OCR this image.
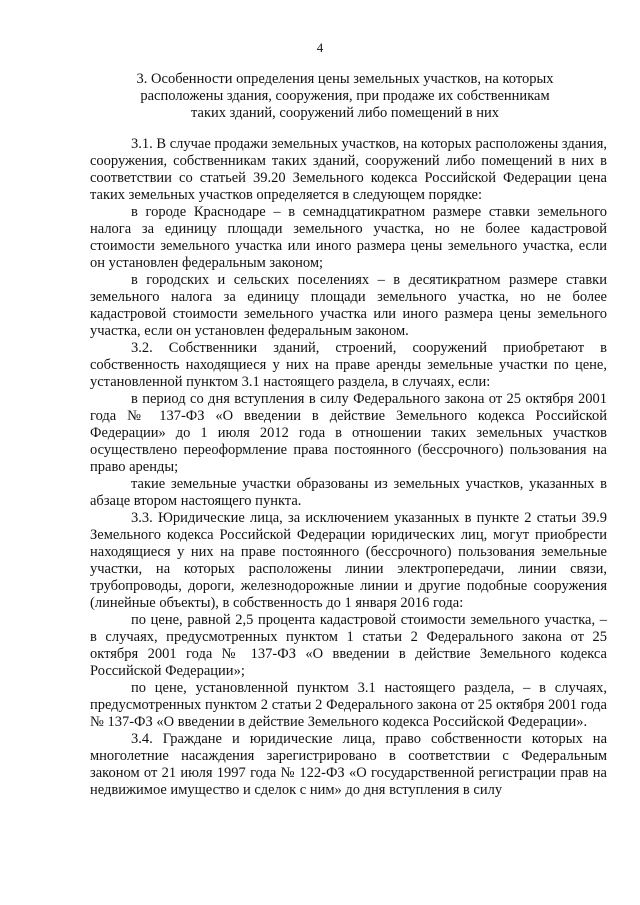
4
3. Особенности определения цены земельных участков, на которых
расположены здания, сооружения, при продаже их собственникам
таких зданий, сооружений либо помещений в них

3.1. В случае продажи земельных участков, на которых расположены здания, сооружения, собственникам таких зданий, сооружений либо помещений в них в соответствии со статьей 39.20 Земельного кодекса Российской Федерации цена таких земельных участков определяется в следующем порядке:

в городе Краснодаре – в семнадцатикратном размере ставки земельного налога за единицу площади земельного участка, но не более кадастровой стоимости земельного участка или иного размера цены земельного участка, если он установлен федеральным законом;

в городских и сельских поселениях – в десятикратном размере ставки земельного налога за единицу площади земельного участка, но не более кадастровой стоимости земельного участка или иного размера цены земельного участка, если он установлен федеральным законом.

3.2. Собственники зданий, строений, сооружений приобретают в собственность находящиеся у них на праве аренды земельные участки по цене, установленной пунктом 3.1 настоящего раздела, в случаях, если:

в период со дня вступления в силу Федерального закона от 25 октября 2001 года № 137-ФЗ «О введении в действие Земельного кодекса Российской Федерации» до 1 июля 2012 года в отношении таких земельных участков осуществлено переоформление права постоянного (бессрочного) пользования на право аренды;

такие земельные участки образованы из земельных участков, указанных в абзаце втором настоящего пункта.

3.3. Юридические лица, за исключением указанных в пункте 2 статьи 39.9 Земельного кодекса Российской Федерации юридических лиц, могут приобрести находящиеся у них на праве постоянного (бессрочного) пользования земельные участки, на которых расположены линии электропередачи, линии связи, трубопроводы, дороги, железнодорожные линии и другие подобные сооружения (линейные объекты), в собственность до 1 января 2016 года:

по цене, равной 2,5 процента кадастровой стоимости земельного участка, – в случаях, предусмотренных пунктом 1 статьи 2 Федерального закона от 25 октября 2001 года № 137-ФЗ «О введении в действие Земельного кодекса Российской Федерации»;

по цене, установленной пунктом 3.1 настоящего раздела, – в случаях, предусмотренных пунктом 2 статьи 2 Федерального закона от 25 октября 2001 года № 137-ФЗ «О введении в действие Земельного кодекса Российской Федерации».

3.4. Граждане и юридические лица, право собственности которых на многолетние насаждения зарегистрировано в соответствии с Федеральным законом от 21 июля 1997 года № 122-ФЗ «О государственной регистрации прав на недвижимое имущество и сделок с ним» до дня вступления в силу
